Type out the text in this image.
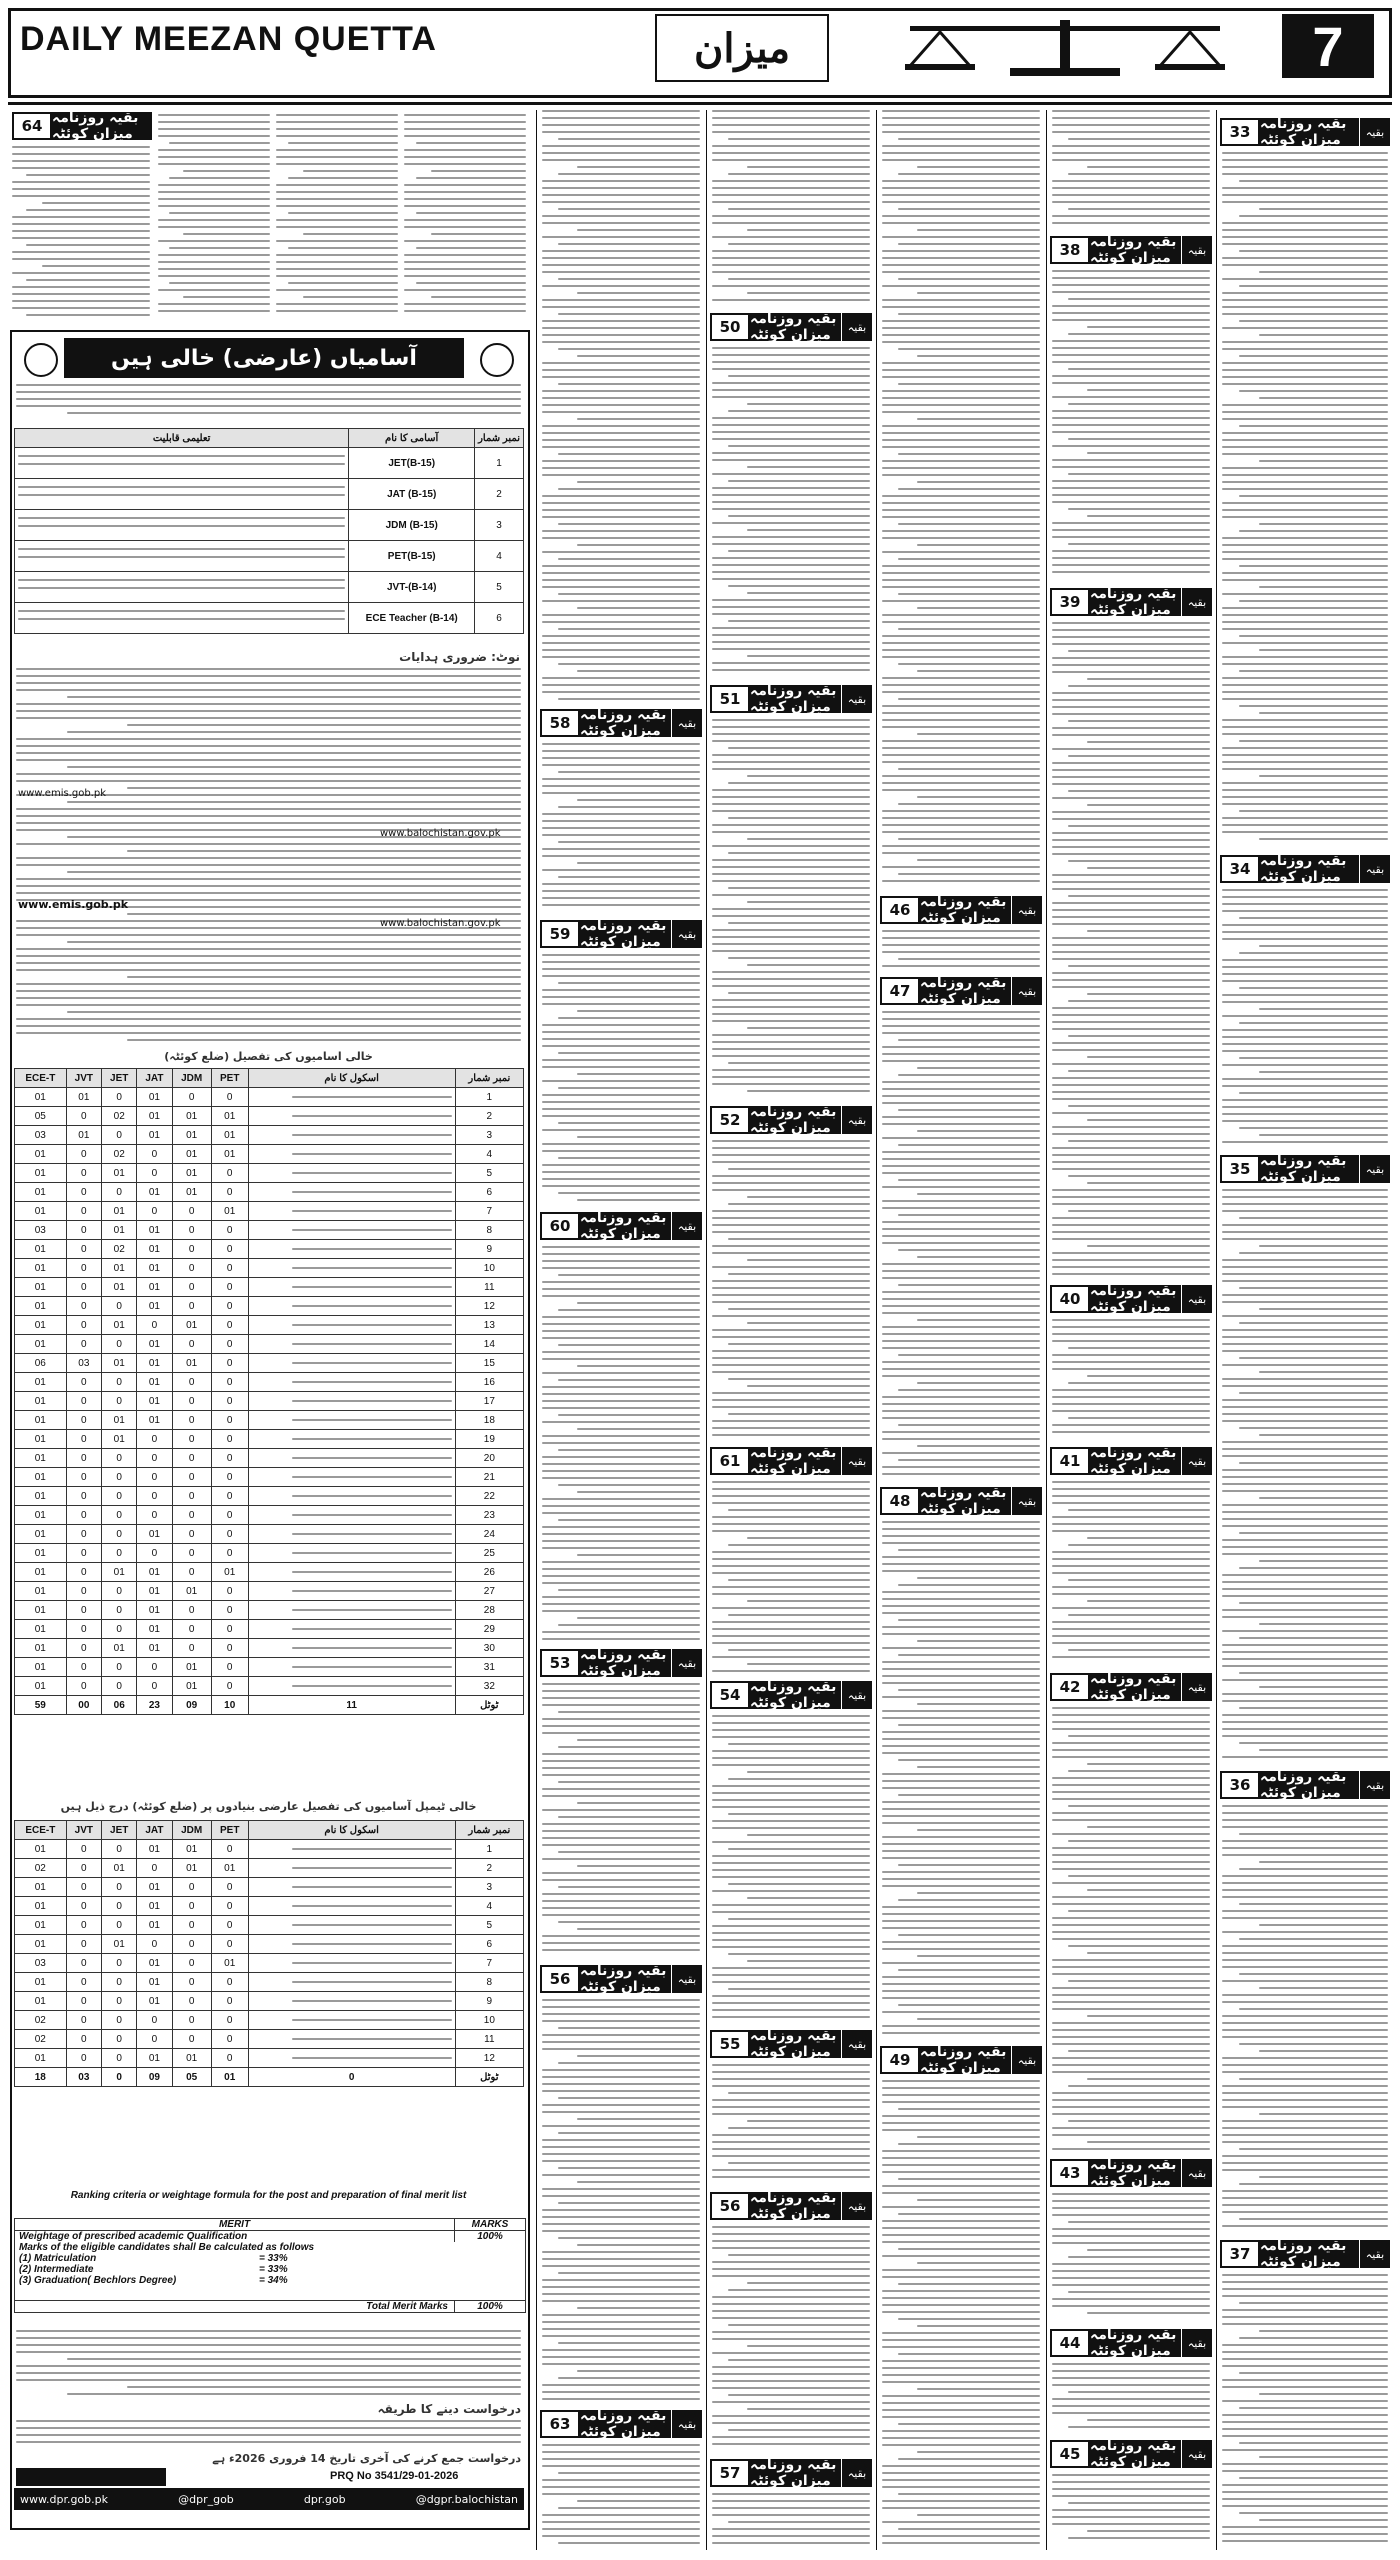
DAILY MEEZAN QUETTA	میزان	7
64 بقیہ روزنامہ میزان کوئٹہ
آسامیاں (عارضی) خالی ہیں
تعلیمی قابلیت	آسامی کا نام	نمبر شمار

	JET(B-15)	1

	JAT (B-15)	2

	JDM (B-15)	3

	PET(B-15)	4

	JVT-(B-14)	5

	ECE Teacher (B-14)	6
نوٹ: ضروری ہدایات
www.emis.gob.pk
www.balochistan.gov.pk
www.emis.gob.pk
www.balochistan.gov.pk
خالی اسامیوں کی تفصیل (ضلع کوئٹہ)
ECE-T	JVT	JET	JAT	JDM	PET	اسکول کا نام	نمبر شمار
01	01	0	01	0	0		1
05	0	02	01	01	01		2
03	01	0	01	01	01		3
01	0	02	0	01	01		4
01	0	01	0	01	0		5
01	0	0	01	01	0		6
01	0	01	0	0	01		7
03	0	01	01	0	0		8
01	0	02	01	0	0		9
01	0	01	01	0	0		10
01	0	01	01	0	0		11
01	0	0	01	0	0		12
01	0	01	0	01	0		13
01	0	0	01	0	0		14
06	03	01	01	01	0		15
01	0	0	01	0	0		16
01	0	0	01	0	0		17
01	0	01	01	0	0		18
01	0	01	0	0	0		19
01	0	0	0	0	0		20
01	0	0	0	0	0		21
01	0	0	0	0	0		22
01	0	0	0	0	0		23
01	0	0	01	0	0		24
01	0	0	0	0	0		25
01	0	01	01	0	01		26
01	0	0	01	01	0		27
01	0	0	01	0	0		28
01	0	0	01	0	0		29
01	0	01	01	0	0		30
01	0	0	0	01	0		31
01	0	0	0	01	0		32
59	00	06	23	09	10	11	ٹوٹل
خالی ٹیمپل آسامیوں کی تفصیل عارضی بنیادوں پر (ضلع کوئٹہ) درج ذیل ہیں
ECE-T	JVT	JET	JAT	JDM	PET	اسکول کا نام	نمبر شمار
01	0	0	01	01	0		1
02	0	01	0	01	01		2
01	0	0	01	0	0		3
01	0	0	01	0	0		4
01	0	0	01	0	0		5
01	0	01	0	0	0		6
03	0	0	01	0	01		7
01	0	0	01	0	0		8
01	0	0	01	0	0		9
02	0	0	0	0	0		10
02	0	0	0	0	0		11
01	0	0	01	01	0		12
18	03	0	09	05	01	0	ٹوٹل
Ranking criteria or weightage formula for the post and preparation of final merit list
MERIT	MARKS
Weightage of prescribed academic Qualification	100%
Marks of the eligible candidates shall Be calculated as follows
(1) Matriculation	= 33%
(2) Intermediate	= 33%
(3) Graduation( Bechlors Degree)	= 34%
Total Merit Marks	100%
درخواست دینے کا طریقہ
درخواست جمع کرنے کی آخری تاریخ 14 فروری 2026ء ہے
PRQ No 3541/29-01-2026
www.dpr.gob.pk	@dpr_gob	dpr.gob	@dgpr.balochistan
58 بقیہ روزنامہ میزان کوئٹہ	بقیہ
59 بقیہ روزنامہ میزان کوئٹہ	بقیہ
60 بقیہ روزنامہ میزان کوئٹہ	بقیہ
53 بقیہ روزنامہ میزان کوئٹہ	بقیہ
56 بقیہ روزنامہ میزان کوئٹہ	بقیہ
63 بقیہ روزنامہ میزان کوئٹہ	بقیہ
50 بقیہ روزنامہ میزان کوئٹہ	بقیہ
51 بقیہ روزنامہ میزان کوئٹہ	بقیہ
52 بقیہ روزنامہ میزان کوئٹہ	بقیہ
61 بقیہ روزنامہ میزان کوئٹہ	بقیہ
54 بقیہ روزنامہ میزان کوئٹہ	بقیہ
55 بقیہ روزنامہ میزان کوئٹہ	بقیہ
56 بقیہ روزنامہ میزان کوئٹہ	بقیہ
57 بقیہ روزنامہ میزان کوئٹہ	بقیہ
46 بقیہ روزنامہ میزان کوئٹہ	بقیہ
47 بقیہ روزنامہ میزان کوئٹہ	بقیہ
48 بقیہ روزنامہ میزان کوئٹہ	بقیہ
49 بقیہ روزنامہ میزان کوئٹہ	بقیہ
38 بقیہ روزنامہ میزان کوئٹہ	بقیہ
39 بقیہ روزنامہ میزان کوئٹہ	بقیہ
40 بقیہ روزنامہ میزان کوئٹہ	بقیہ
41 بقیہ روزنامہ میزان کوئٹہ	بقیہ
42 بقیہ روزنامہ میزان کوئٹہ	بقیہ
43 بقیہ روزنامہ میزان کوئٹہ	بقیہ
44 بقیہ روزنامہ میزان کوئٹہ	بقیہ
45 بقیہ روزنامہ میزان کوئٹہ	بقیہ
33 بقیہ روزنامہ میزان کوئٹہ	بقیہ
34 بقیہ روزنامہ میزان کوئٹہ	بقیہ
35 بقیہ روزنامہ میزان کوئٹہ	بقیہ
36 بقیہ روزنامہ میزان کوئٹہ	بقیہ
37 بقیہ روزنامہ میزان کوئٹہ	بقیہ
